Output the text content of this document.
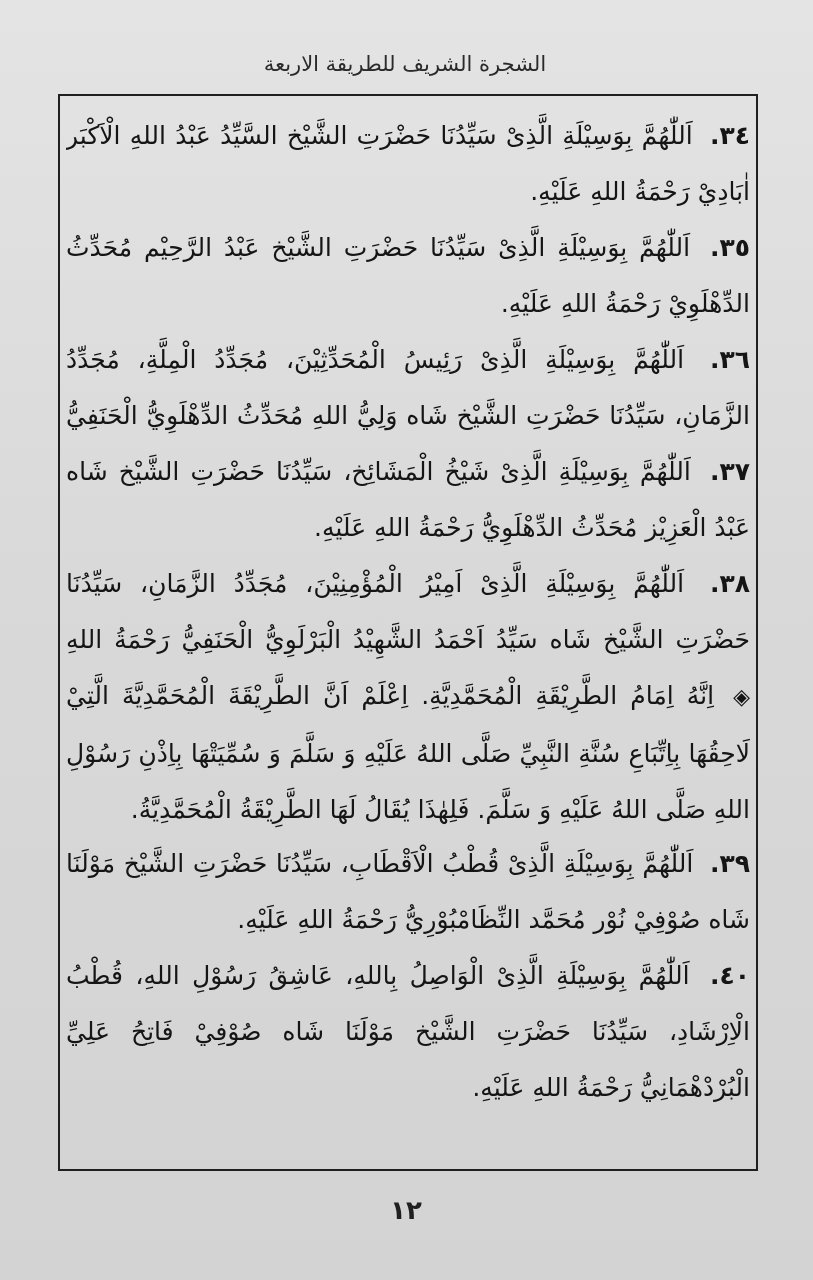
الشجرة الشريف للطريقة الاربعة

٣٤. اَللّٰهُمَّ بِوَسِيْلَةِ الَّذِىْ سَيِّدُنَا حَضْرَتِ الشَّيْخ السَّيِّدُ عَبْدُ اللهِ الْاَكْبَر اٰبَادِيْ رَحْمَةُ اللهِ عَلَيْهِ.

٣٥. اَللّٰهُمَّ بِوَسِيْلَةِ الَّذِىْ سَيِّدُنَا حَضْرَتِ الشَّيْخ عَبْدُ الرَّحِيْم مُحَدِّثُ الدِّهْلَوِيْ رَحْمَةُ اللهِ عَلَيْهِ.

٣٦. اَللّٰهُمَّ بِوَسِيْلَةِ الَّذِىْ رَئِيسُ الْمُحَدِّثِيْنَ، مُجَدِّدُ الْمِلَّةِ، مُجَدِّدُ الزَّمَانِ، سَيِّدُنَا حَضْرَتِ الشَّيْخ شَاه وَلِيُّ اللهِ مُحَدِّثُ الدِّهْلَوِيُّ الْحَنَفِيُّ

٣٧. اَللّٰهُمَّ بِوَسِيْلَةِ الَّذِىْ شَيْخُ الْمَشَائِخ، سَيِّدُنَا حَضْرَتِ الشَّيْخ شَاه عَبْدُ الْعَزِيْز مُحَدِّثُ الدِّهْلَوِيُّ رَحْمَةُ اللهِ عَلَيْهِ.

٣٨. اَللّٰهُمَّ بِوَسِيْلَةِ الَّذِىْ اَمِيْرُ الْمُؤْمِنِيْنَ، مُجَدِّدُ الزَّمَانِ، سَيِّدُنَا حَضْرَتِ الشَّيْخ شَاه سَيِّدُ اَحْمَدُ الشَّهِيْدُ الْبَرْلَوِيُّ الْحَنَفِيُّ رَحْمَةُ اللهِ

◈ اِنَّهُ اِمَامُ الطَّرِيْقَةِ الْمُحَمَّدِيَّةِ. اِعْلَمْ اَنَّ الطَّرِيْقَةَ الْمُحَمَّدِيَّةَ الَّتِيْ لَاحِقُهَا بِاِتِّبَاعِ سُنَّةِ النَّبِيِّ صَلَّى اللهُ عَلَيْهِ وَ سَلَّمَ وَ سُمِّيَتْهَا بِاِذْنِ رَسُوْلِ اللهِ صَلَّى اللهُ عَلَيْهِ وَ سَلَّمَ. فَلِهٰذَا يُقَالُ لَهَا الطَّرِيْقَةُ الْمُحَمَّدِيَّةُ.

٣٩. اَللّٰهُمَّ بِوَسِيْلَةِ الَّذِىْ قُطْبُ الْاَقْطَابِ، سَيِّدُنَا حَضْرَتِ الشَّيْخ مَوْلَنَا شَاه صُوْفِيْ نُوْر مُحَمَّد النِّظَامْبُوْرِيُّ رَحْمَةُ اللهِ عَلَيْهِ.

٤٠. اَللّٰهُمَّ بِوَسِيْلَةِ الَّذِىْ الْوَاصِلُ بِاللهِ، عَاشِقُ رَسُوْلِ اللهِ، قُطْبُ الْاِرْشَادِ، سَيِّدُنَا حَضْرَتِ الشَّيْخ مَوْلَنَا شَاه صُوْفِيْ فَاتِحُ عَلِيِّ الْبُرْدْهْمَانِيُّ رَحْمَةُ اللهِ عَلَيْهِ.

١٢
